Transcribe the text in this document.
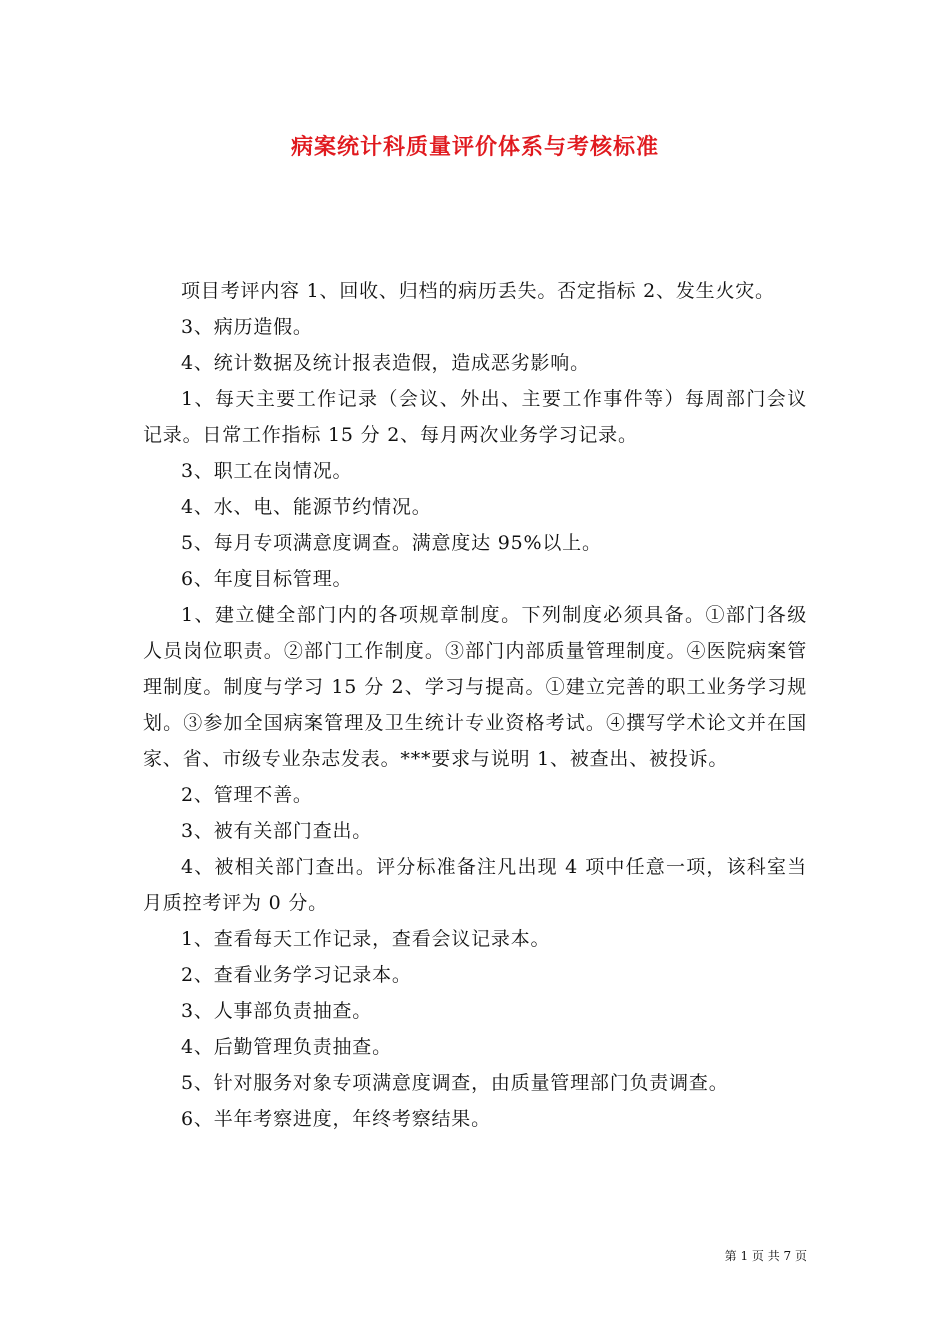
病案统计科质量评价体系与考核标准

项目考评内容 1、回收、归档的病历丢失。否定指标 2、发生火灾。

3、病历造假。

4、统计数据及统计报表造假，造成恶劣影响。

1、每天主要工作记录（会议、外出、主要工作事件等）每周部门会议记录。日常工作指标 15 分 2、每月两次业务学习记录。

3、职工在岗情况。

4、水、电、能源节约情况。

5、每月专项满意度调查。满意度达 95%以上。

6、年度目标管理。

1、建立健全部门内的各项规章制度。下列制度必须具备。①部门各级人员岗位职责。②部门工作制度。③部门内部质量管理制度。④医院病案管理制度。制度与学习 15 分 2、学习与提高。①建立完善的职工业务学习规划。③参加全国病案管理及卫生统计专业资格考试。④撰写学术论文并在国家、省、市级专业杂志发表。***要求与说明 1、被查出、被投诉。

2、管理不善。

3、被有关部门查出。

4、被相关部门查出。评分标准备注凡出现 4 项中任意一项，该科室当月质控考评为 0 分。

1、查看每天工作记录，查看会议记录本。

2、查看业务学习记录本。

3、人事部负责抽查。

4、后勤管理负责抽查。

5、针对服务对象专项满意度调查，由质量管理部门负责调查。

6、半年考察进度，年终考察结果。

第 1 页 共 7 页
